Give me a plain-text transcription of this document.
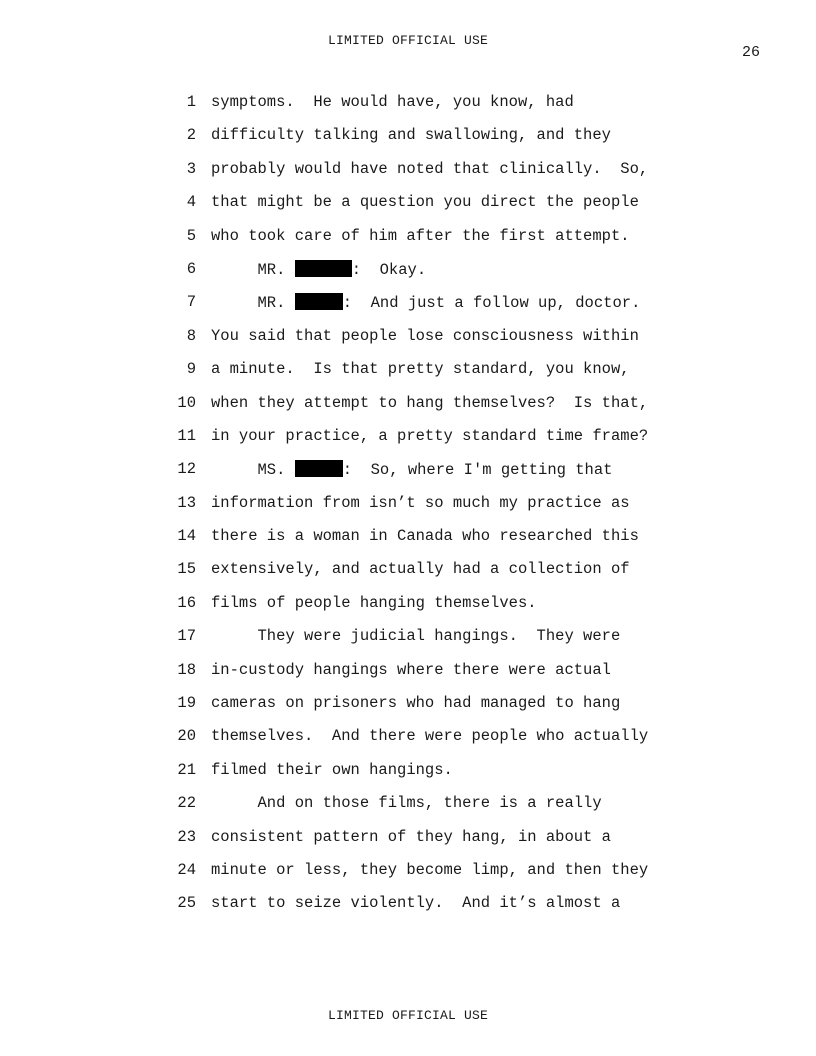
LIMITED OFFICIAL USE
26

1

symptoms.  He would have, you know, had

2

difficulty talking and swallowing, and they

3

probably would have noted that clinically.  So,

4

that might be a question you direct the people

5

who took care of him after the first attempt.

6

MR.	:  Okay.

7

MR.	:  And just a follow up, doctor.

8

You said that people lose consciousness within

9

a minute.  Is that pretty standard, you know,

10

when they attempt to hang themselves?  Is that,

11

in your practice, a pretty standard time frame?

12

MS.	:  So, where I'm getting that

13

information from isn’t so much my practice as

14

there is a woman in Canada who researched this

15

extensively, and actually had a collection of

16

films of people hanging themselves.

17

They were judicial hangings.  They were

18

in-custody hangings where there were actual

19

cameras on prisoners who had managed to hang

20

themselves.  And there were people who actually

21

filmed their own hangings.

22

And on those films, there is a really

23

consistent pattern of they hang, in about a

24

minute or less, they become limp, and then they

25

start to seize violently.  And it’s almost a

LIMITED OFFICIAL USE
